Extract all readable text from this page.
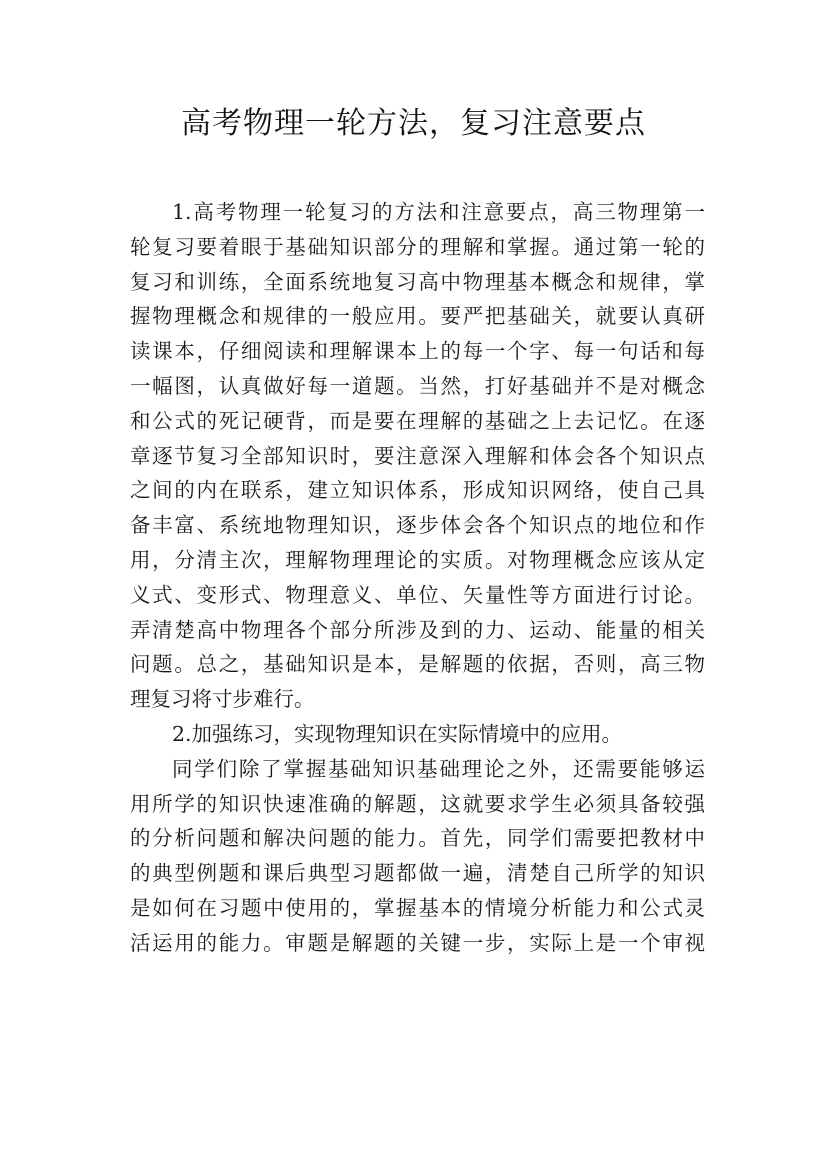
高考物理一轮方法，复习注意要点
1.高考物理一轮复习的方法和注意要点，高三物理第一
轮复习要着眼于基础知识部分的理解和掌握。通过第一轮的
复习和训练，全面系统地复习高中物理基本概念和规律，掌
握物理概念和规律的一般应用。要严把基础关，就要认真研
读课本，仔细阅读和理解课本上的每一个字、每一句话和每
一幅图，认真做好每一道题。当然，打好基础并不是对概念
和公式的死记硬背，而是要在理解的基础之上去记忆。在逐
章逐节复习全部知识时，要注意深入理解和体会各个知识点
之间的内在联系，建立知识体系，形成知识网络，使自己具
备丰富、系统地物理知识，逐步体会各个知识点的地位和作
用，分清主次，理解物理理论的实质。对物理概念应该从定
义式、变形式、物理意义、单位、矢量性等方面进行讨论。
弄清楚高中物理各个部分所涉及到的力、运动、能量的相关
问题。总之，基础知识是本，是解题的依据，否则，高三物
理复习将寸步难行。
2.加强练习，实现物理知识在实际情境中的应用。
同学们除了掌握基础知识基础理论之外，还需要能够运
用所学的知识快速准确的解题，这就要求学生必须具备较强
的分析问题和解决问题的能力。首先，同学们需要把教材中
的典型例题和课后典型习题都做一遍，清楚自己所学的知识
是如何在习题中使用的，掌握基本的情境分析能力和公式灵
活运用的能力。审题是解题的关键一步，实际上是一个审视
